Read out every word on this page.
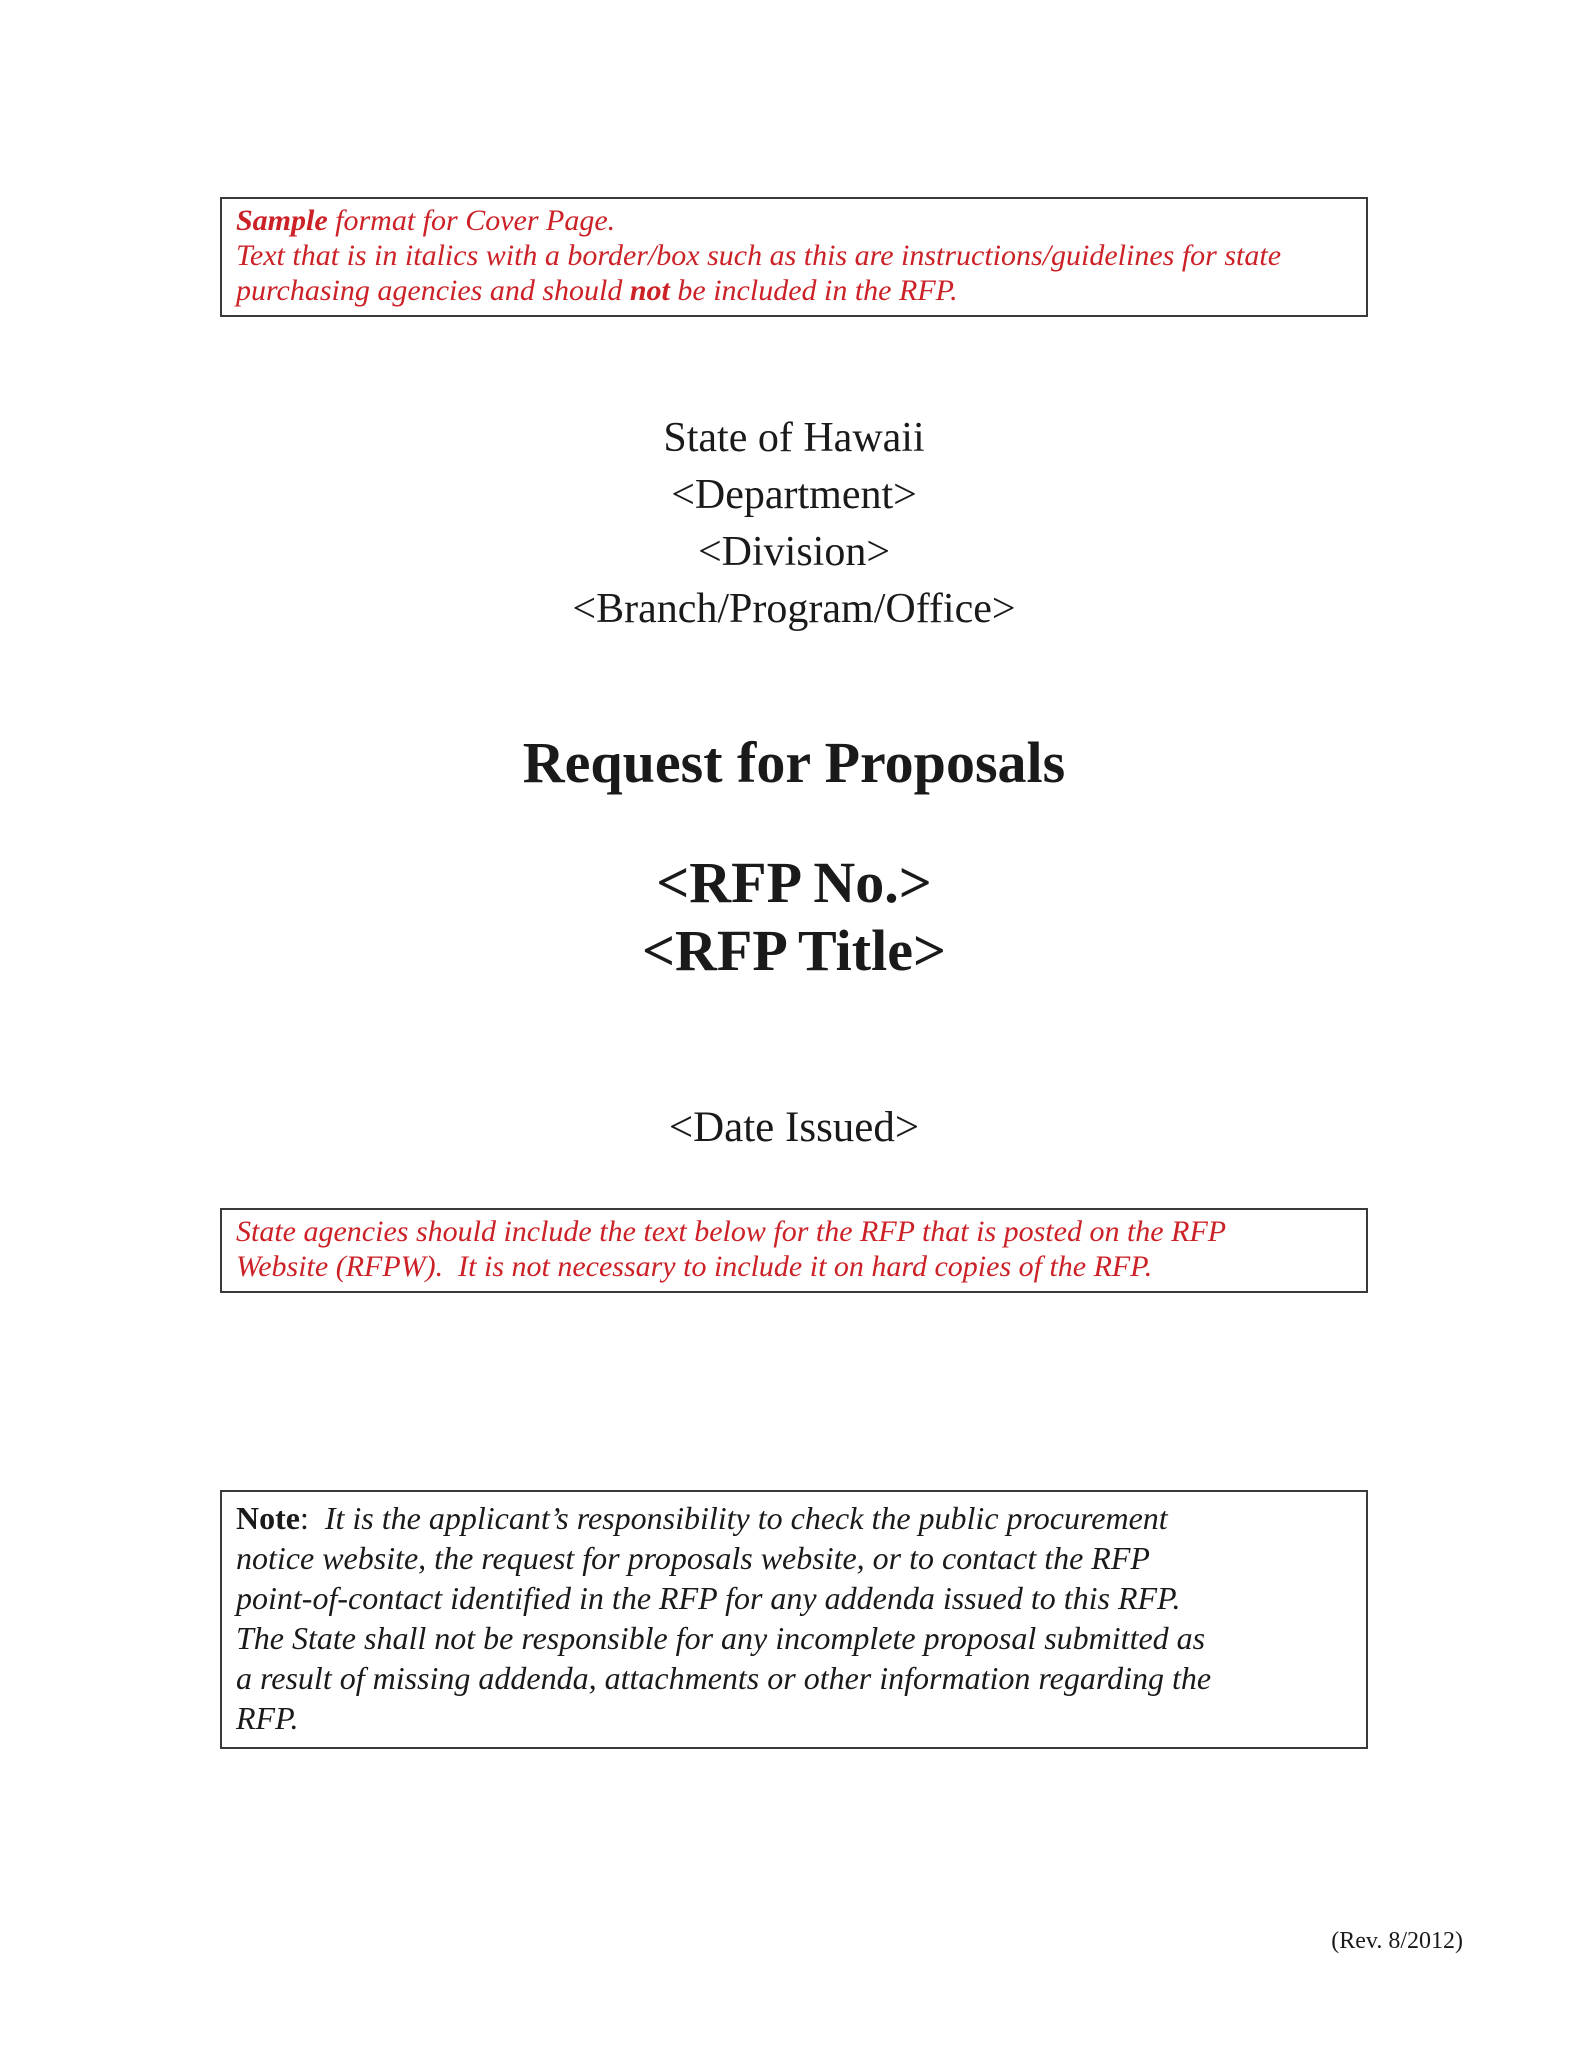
Sample format for Cover Page.
Text that is in italics with a border/box such as this are instructions/guidelines for state
purchasing agencies and should not be included in the RFP.
State of Hawaii
<Department>
<Division>
<Branch/Program/Office>
Request for Proposals
<RFP No.>
<RFP Title>
<Date Issued>
State agencies should include the text below for the RFP that is posted on the RFP
Website (RFPW).  It is not necessary to include it on hard copies of the RFP.
Note:  It is the applicant’s responsibility to check the public procurement
notice website, the request for proposals website, or to contact the RFP
point-of-contact identified in the RFP for any addenda issued to this RFP.
The State shall not be responsible for any incomplete proposal submitted as
a result of missing addenda, attachments or other information regarding the
RFP.
(Rev. 8/2012)
